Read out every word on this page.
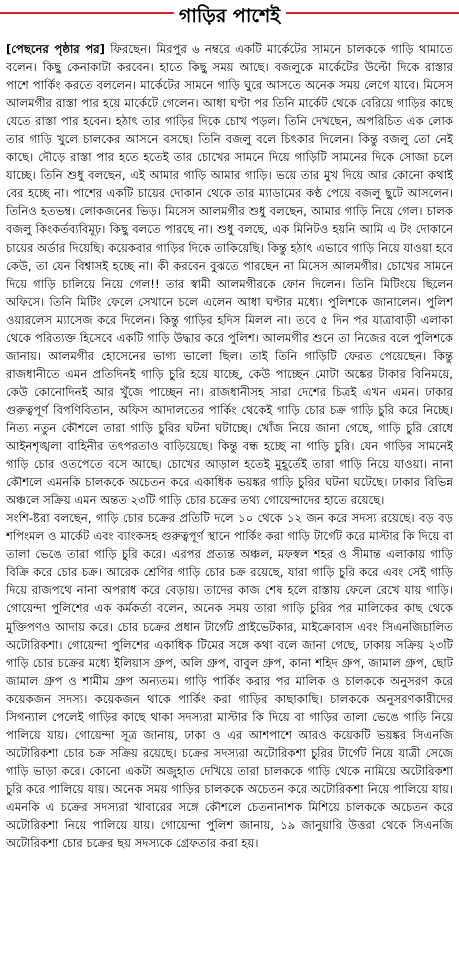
গাড়ির পাশেই

[পেছনের পৃষ্ঠার পর] ফিরছেন। মিরপুর ৬ নম্বরে একটি মার্কেটের সামনে চালককে গাড়ি থামাতে বলেন। কিছু কেনাকাটা করবেন। হাতে কিছু সময় আছে। বজলুকে মার্কেটের উল্টো দিকে রাস্তার পাশে পার্কিং করতে বললেন। মার্কেটের সামনে গাড়ি ঘুরে আসতে অনেক সময় লেগে যাবে। মিসেস আলমগীর রাস্তা পার হয়ে মার্কেটে গেলেন। আধা ঘণ্টা পর তিনি মার্কেট থেকে বেরিয়ে গাড়ির কাছে যেতে রাস্তা পার হবেন। হঠাৎ তার গাড়ির দিকে চোখ পড়ল। তিনি দেখছেন, অপরিচিত এক লোক তার গাড়ি খুলে চালকের আসনে বসছে। তিনি বজলু বলে চিৎকার দিলেন। কিন্তু বজলু তো নেই কাছে। দৌড়ে রাস্তা পার হতে হতেই তার চোখের সামনে দিয়ে গাড়িটি সামনের দিকে সোজা চলে যাচ্ছে। তিনি শুধু বলছেন, এই আমার গাড়ি আমার গাড়ি। ভয়ে তার মুখ দিয়ে আর কোনো কথাই বের হচ্ছে না। পাশের একটি চায়ের দোকান থেকে তার ম্যাডামের কণ্ঠ পেয়ে বজলু ছুটে আসলেন। তিনিও হতভম্ব। লোকজনের ভিড়। মিসেস আলমগীর শুধু বলছেন, আমার গাড়ি নিয়ে গেল। চালক বজলু কিংকর্তব্যবিমূঢ়। কিছু বলতে পারছে না। শুধু বলছে, এক মিনিটও হয়নি আমি এ টং দোকানে চায়ের অর্ডার দিয়েছি। কয়েকবার গাড়ির দিকে তাকিয়েছি। কিন্তু হঠাৎ এভাবে গাড়ি নিয়ে যাওয়া হবে কেউ, তা যেন বিশ্বাসই হচ্ছে না। কী করবেন বুঝতে পারছেন না মিসেস আলমগীর। চোখের সামনে দিয়ে গাড়ি চালিয়ে নিয়ে গেল!! তার স্বামী আলমগীরকে ফোন দিলেন। তিনি মিটিংয়ে ছিলেন অফিসে। তিনি মিটিং ফেলে সেখানে চলে এলেন আধা ঘণ্টার মধ্যে। পুলিশকে জানালেন। পুলিশ ওয়ারলেস ম্যাসেজ করে দিলেন। কিন্তু গাড়ির হদিস মিলল না। তবে ৫ দিন পর যাত্রাবাড়ী এলাকা থেকে পরিত্যক্ত হিসেবে একটি গাড়ি উদ্ধার করে পুলিশ। আলমগীর শুনে তা নিজের বলে পুলিশকে জানায়। আলমগীর হোসেনের ভাগ্য ভালো ছিল। তাই তিনি গাড়িটি ফেরত পেয়েছেন। কিন্তু রাজধানীতে এমন প্রতিদিনই গাড়ি চুরি হয়ে যাচ্ছে, কেউ পাচ্ছেন মোটা অঙ্কের টাকার বিনিময়ে, কেউ কোনোদিনই আর খুঁজে পাচ্ছেন না। রাজধানীসহ সারা দেশের চিত্রই এখন এমন। ঢাকার গুরুত্বপূর্ণ বিপণিবিতান, অফিস আদালতের পার্কিং থেকেই গাড়ি চোর চক্র গাড়ি চুরি করে নিচ্ছে। নিত্য নতুন কৌশলে তারা গাড়ি চুরির ঘটনা ঘটাচ্ছে। খোঁজ নিয়ে জানা গেছে, গাড়ি চুরি রোধে আইনশৃঙ্খলা বাহিনীর তৎপরতাও বাড়িয়েছে। কিন্তু বন্ধ হচ্ছে না গাড়ি চুরি। যেন গাড়ির সামনেই গাড়ি চোর ওতপেতে বসে আছে। চোখের আড়াল হতেই মুহূর্তেই তারা গাড়ি নিয়ে যাওয়া। নানা কৌশলে এমনকি চালককে অচেতন করে একাধিক ভয়ঙ্কর গাড়ি চুরির ঘটনা ঘটেছে। ঢাকার বিভিন্ন অঞ্চলে সক্রিয় এমন অন্তত ২৩টি গাড়ি চোর চক্রের তথ্য গোয়েন্দাদের হাতে রয়েছে।

সংশি-ষ্টরা বলছেন, গাড়ি চোর চক্রের প্রতিটি দলে ১০ থেকে ১২ জন করে সদস্য রয়েছে। বড় বড় শপিংমল ও মার্কেট এবং ব্যাংকসহ গুরুত্বপূর্ণ স্থানে পার্কিং করা গাড়ি টার্গেট করে মাস্টার কি দিয়ে বা তালা ভেঙে তারা গাড়ি চুরি করে। এরপর প্রত্যন্ত অঞ্চল, মফস্বল শহর ও সীমান্ত এলাকায় গাড়ি বিক্রি করে চোর চক্র। আরেক শ্রেণির গাড়ি চোর চক্র রয়েছে, যারা গাড়ি চুরি করে এবং সেই গাড়ি দিয়ে রাজপথে নানা অপরাধ করে বেড়ায়। তাদের কাজ শেষ হলে রাস্তায় ফেলে রেখে যায় গাড়ি। গোয়েন্দা পুলিশের এক কর্মকর্তা বলেন, অনেক সময় তারা গাড়ি চুরির পর মালিকের কাছ থেকে মুক্তিপণও আদায় করে। চোর চক্রের প্রধান টার্গেট প্রাইভেটকার, মাইক্রোবাস এবং সিএনজিচালিত অটোরিকশা। গোয়েন্দা পুলিশের একাধিক টিমের সঙ্গে কথা বলে জানা গেছে, ঢাকায় সক্রিয় ২৩টি গাড়ি চোর চক্রের মধ্যে ইলিয়াস গ্রুপ, অলি গ্রুপ, বাবুল গ্রুপ, কানা শহিদ গ্রুপ, জামাল গ্রুপ, ছোট জামাল গ্রুপ ও শামীম গ্রুপ অন্যতম। গাড়ি পার্কিং করার পর মালিক ও চালককে অনুসরণ করে কয়েকজন সদস্য। কয়েকজন থাকে পার্কিং করা গাড়ির কাছাকাছি। চালককে অনুসরণকারীদের সিগন্যাল পেলেই গাড়ির কাছে থাকা সদস্যরা মাস্টার কি দিয়ে বা গাড়ির তালা ভেঙে গাড়ি নিয়ে পালিয়ে যায়। গোয়েন্দা সূত্র জানায়, ঢাকা ও এর আশপাশে আরও কয়েকটি ভয়ঙ্কর সিএনজি অটোরিকশা চোর চক্র সক্রিয় রয়েছে। চক্রের সদস্যরা অটোরিকশা চুরির টার্গেট নিয়ে যাত্রী সেজে গাড়ি ভাড়া করে। কোনো একটা অজুহাত দেখিয়ে তারা চালককে গাড়ি থেকে নামিয়ে অটোরিকশা চুরি করে পালিয়ে যায়। অনেক সময় গাড়ির চালককে অচেতন করে অটোরিকশা নিয়ে পালিয়ে যায়। এমনকি এ চক্রের সদস্যরা খাবারের সঙ্গে কৌশলে চেতনানাশক মিশিয়ে চালককে অচেতন করে অটোরিকশা নিয়ে পালিয়ে যায়। গোয়েন্দা পুলিশ জানায়, ১৯ জানুয়ারি উত্তরা থেকে সিএনজি অটোরিকশা চোর চক্রের ছয় সদস্যকে গ্রেফতার করা হয়।
